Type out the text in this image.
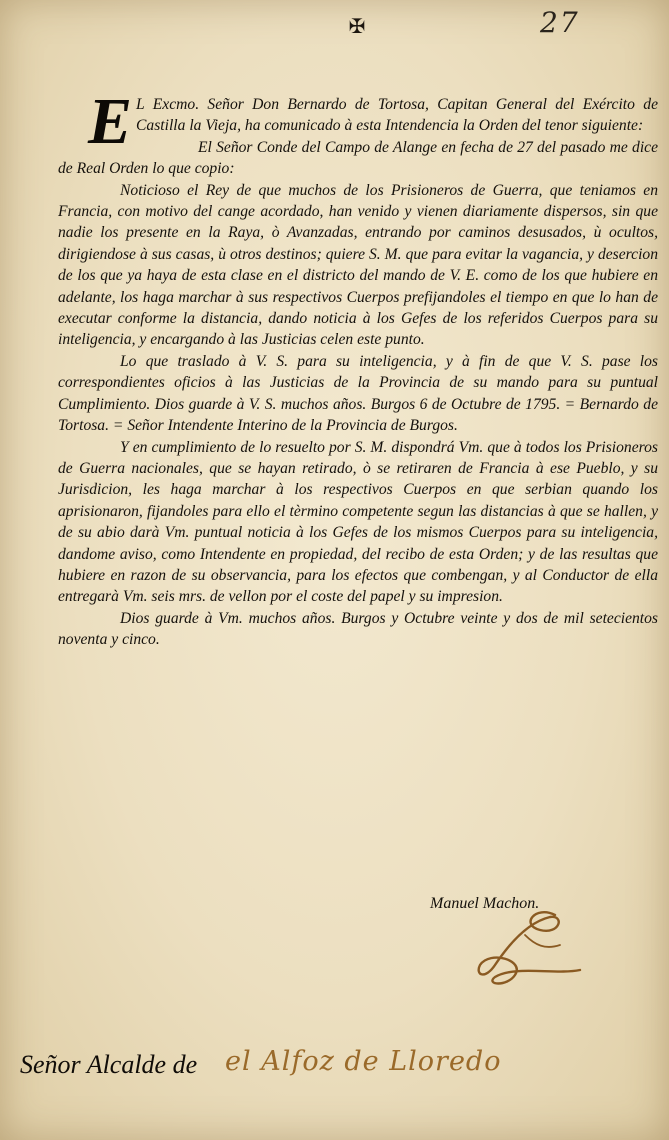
✠	27

E L Excmo. Señor Don Bernardo de Tortosa, Capitan General del Exército de Castilla la Vieja, ha comunicado à esta Intendencia la Orden del tenor siguiente:

El Señor Conde del Campo de Alange en fecha de 27 del pasado me dice de Real Orden lo que copio:

Noticioso el Rey de que muchos de los Prisioneros de Guerra, que teniamos en Francia, con motivo del cange acordado, han venido y vienen diariamente dispersos, sin que nadie los presente en la Raya, ò Avanzadas, entrando por caminos desusados, ù ocultos, dirigiendose à sus casas, ù otros destinos; quiere S. M. que para evitar la vagancia, y desercion de los que ya haya de esta clase en el districto del mando de V. E. como de los que hubiere en adelante, los haga marchar à sus respectivos Cuerpos prefijandoles el tiempo en que lo han de executar conforme la distancia, dando noticia à los Gefes de los referidos Cuerpos para su inteligencia, y encargando à las Justicias celen este punto.

Lo que traslado à V. S. para su inteligencia, y à fin de que V. S. pase los correspondientes oficios à las Justicias de la Provincia de su mando para su puntual Cumplimiento. Dios guarde à V. S. muchos años. Burgos 6 de Octubre de 1795. = Bernardo de Tortosa. = Señor Intendente Interino de la Provincia de Burgos.

Y en cumplimiento de lo resuelto por S. M. dispondrá Vm. que à todos los Prisioneros de Guerra nacionales, que se hayan retirado, ò se retiraren de Francia à ese Pueblo, y su Jurisdicion, les haga marchar à los respectivos Cuerpos en que serbian quando los aprisionaron, fijandoles para ello el tèrmino competente segun las distancias à que se hallen, y de su abio darà Vm. puntual noticia à los Gefes de los mismos Cuerpos para su inteligencia, dandome aviso, como Intendente en propiedad, del recibo de esta Orden; y de las resultas que hubiere en razon de su observancia, para los efectos que combengan, y al Conductor de ella entregarà Vm. seis mrs. de vellon por el coste del papel y su impresion.

Dios guarde à Vm. muchos años. Burgos y Octubre veinte y dos de mil setecientos noventa y cinco.

Manuel Machon.
Señor Alcalde de el Alfoz de Lloredo
